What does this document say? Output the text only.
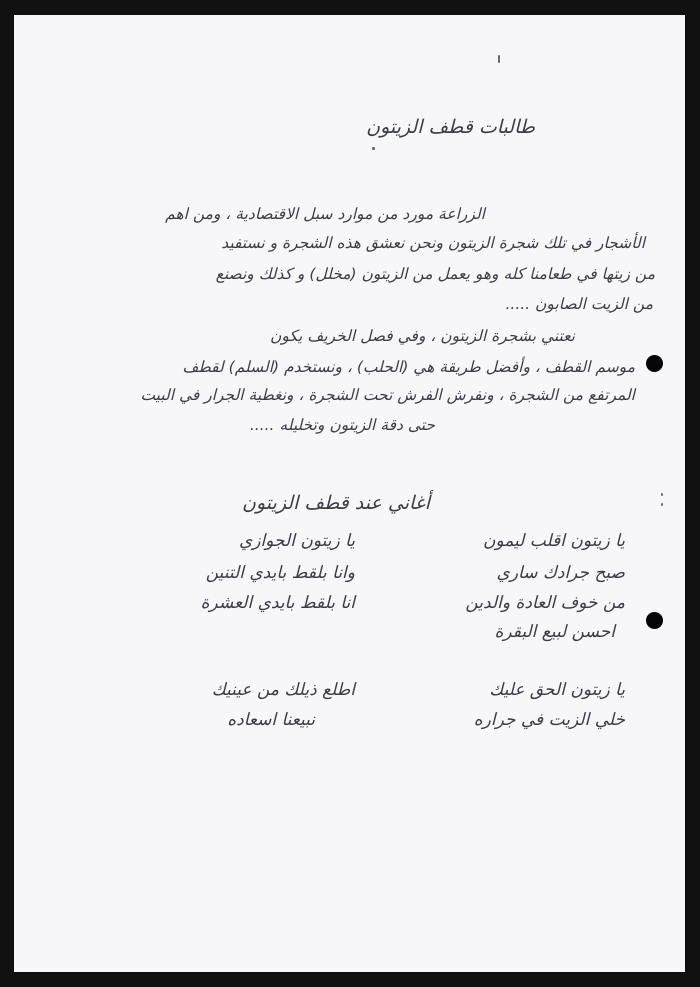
طالبات قطف الزيتون
الزراعة مورد من موارد سبل الاقتصادية ، ومن اهم
الأشجار في تلك شجرة الزيتون ونحن نعشق هذه الشجرة و نستفيد
من زيتها في طعامنا كله وهو يعمل من الزيتون (مخلل) و كذلك ونصنع
من الزيت الصابون .....
نعتني بشجرة الزيتون ، وفي فصل الخريف يكون
موسم القطف ، وأفضل طريقة هي (الحلب) ، ونستخدم (السلم) لقطف
المرتفع من الشجرة ، ونفرش الفرش تحت الشجرة ، ونغطية الجرار في البيت
حتى دقة الزيتون وتخليله .....
أغاني عند قطف الزيتون
يا زيتون اقلب ليمون
يا زيتون الجوازي
صبح جرادك ساري
وانا بلقط بايدي التنين
من خوف العادة والدين
انا بلقط بايدي العشرة
احسن لبيع البقرة
يا زيتون الحق عليك
اطلع ذيلك من عينيك
خلي الزيت في جراره
نبيعنا اسعاده
